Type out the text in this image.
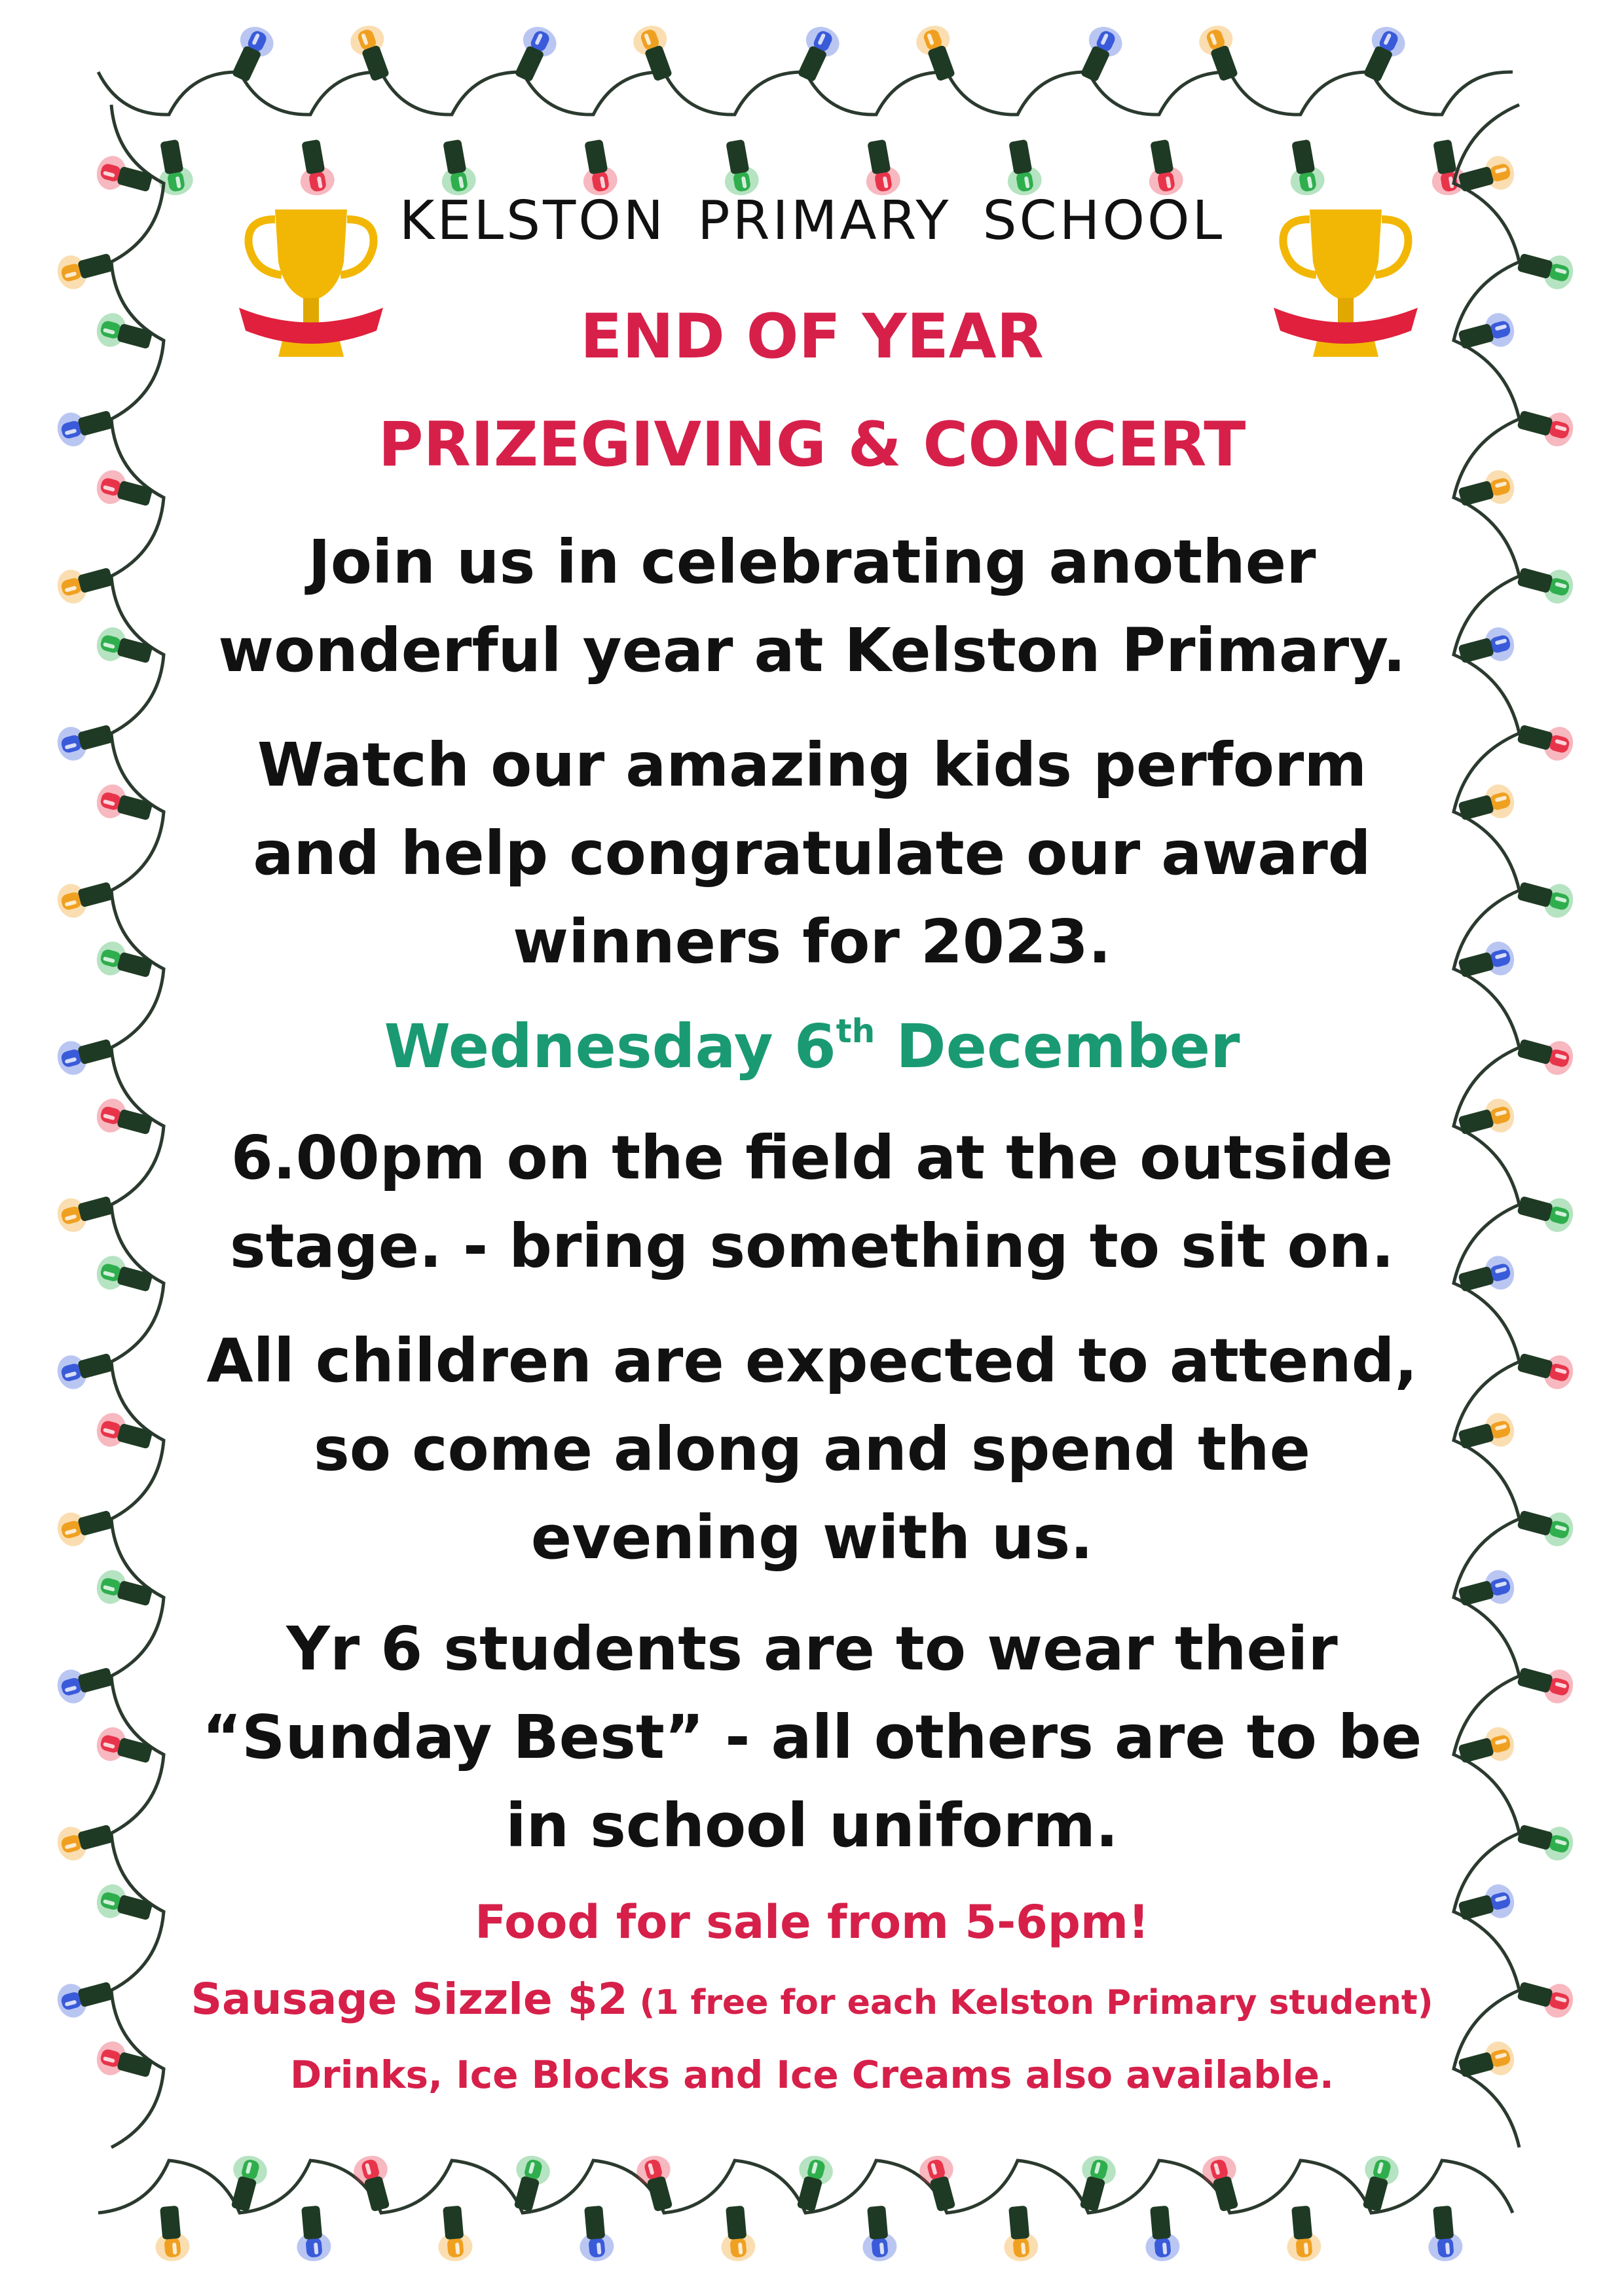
KELSTON PRIMARY SCHOOL

END OF YEAR

PRIZEGIVING & CONCERT

Join us in celebrating another

wonderful year at Kelston Primary.

Watch our amazing kids perform

and help congratulate our award

winners for 2023.

Wednesday 6th December

6.00pm on the field at the outside

stage. - bring something to sit on.

All children are expected to attend,

so come along and spend the

evening with us.

Yr 6 students are to wear their

“Sunday Best” - all others are to be

in school uniform.

Food for sale from 5-6pm!

Sausage Sizzle $2 (1 free for each Kelston Primary student)

Drinks, Ice Blocks and Ice Creams also available.
